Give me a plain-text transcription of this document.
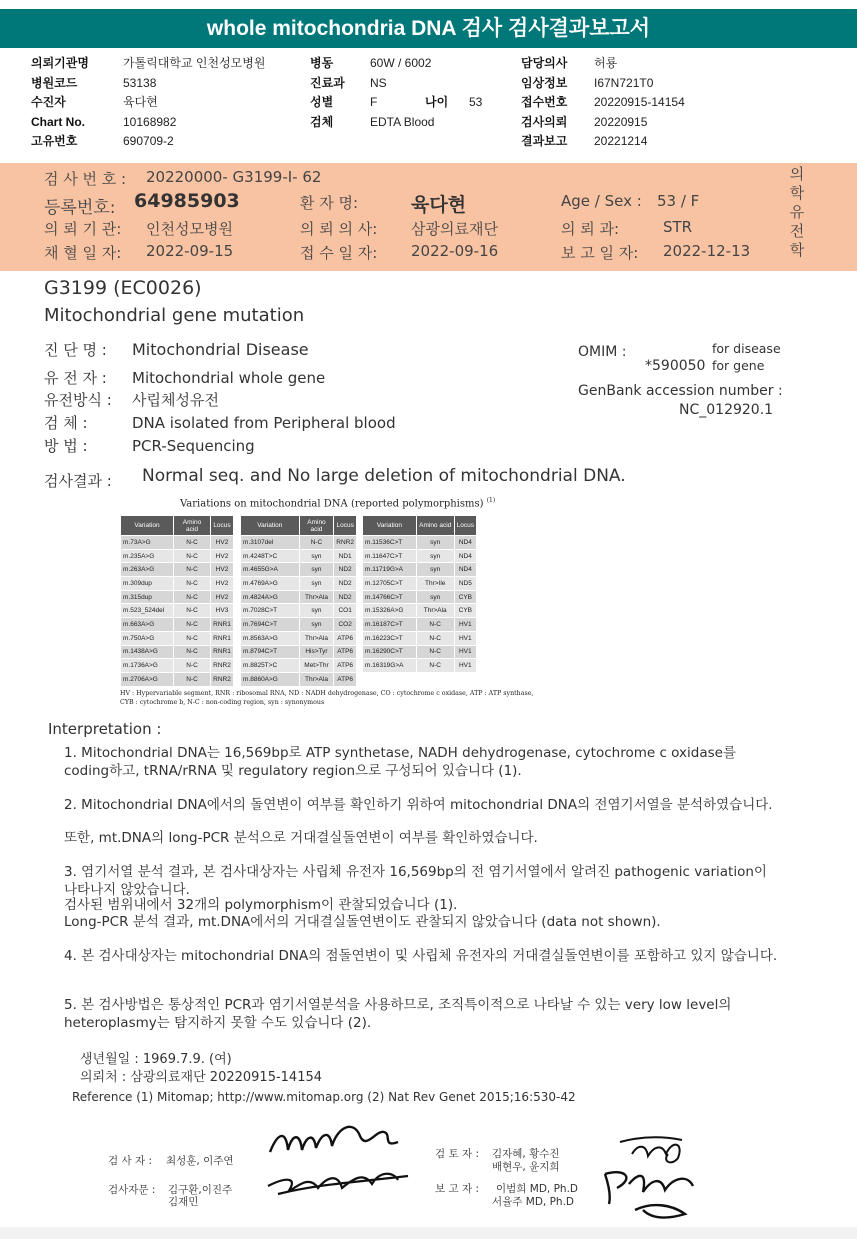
whole mitochondria DNA 검사 검사결과보고서
의뢰기관명	가톨릭대학교 인천성모병원
병원코드	53138
수진자	육다현
Chart No.	10168982
고유번호	690709-2
병동	60W / 6002
진료과	NS
성별	F	나이	53
검체	EDTA Blood
담당의사	허룡
임상정보	I67N721T0
접수번호	20220915-14154
검사의뢰	20220915
결과보고	20221214
검 사 번 호 : 20220000- G3199-I- 62
등록번호: 64985903	환 자 명:	육다현	Age / Sex : 53 / F
의 뢰 기 관: 인천성모병원	의 뢰 의 사: 삼광의료재단	의 뢰 과:	STR
채 혈 일 자: 2022-09-15	접 수 일 자: 2022-09-16	보 고 일 자: 2022-12-13
의학유전학
G3199 (EC0026)
Mitochondrial gene mutation
진 단 명 : Mitochondrial Disease
유 전 자 : Mitochondrial whole gene
유전방식 : 사립체성유전
검 체 :	DNA isolated from Peripheral blood
방 법 :	PCR-Sequencing
OMIM :
*590050
for disease
for gene
GenBank accession number :
NC_012920.1
검사결과 : Normal seq. and No large deletion of mitochondrial DNA.
Variations on mitochondrial DNA (reported polymorphisms) $^{(1)}$
Variation	Amino acid	Locus
m.73A>G	N-C	HV2
m.235A>G	N-C	HV2
m.263A>G	N-C	HV2
m.309dup	N-C	HV2
m.315dup	N-C	HV2
m.523_524del	N-C	HV3
m.663A>G	N-C	RNR1
m.750A>G	N-C	RNR1
m.1438A>G	N-C	RNR1
m.1736A>G	N-C	RNR2
m.2706A>G	N-C	RNR2
Variation	Amino acid	Locus
m.3107del	N-C	RNR2
m.4248T>C	syn	ND1
m.4655G>A	syn	ND2
m.4769A>G	syn	ND2
m.4824A>G	Thr>Ala	ND2
m.7028C>T	syn	CO1
m.7694C>T	syn	CO2
m.8563A>G	Thr>Ala	ATP6
m.8794C>T	His>Tyr	ATP6
m.8825T>C	Met>Thr	ATP6
m.8860A>G	Thr>Ala	ATP6
Variation	Amino acid	Locus
m.11536C>T	syn	ND4
m.11647C>T	syn	ND4
m.11719G>A	syn	ND4
m.12705C>T	Thr>Ile	ND5
m.14766C>T	syn	CYB
m.15326A>G	Thr>Ala	CYB
m.16187C>T	N-C	HV1
m.16223C>T	N-C	HV1
m.16290C>T	N-C	HV1
m.16319G>A	N-C	HV1
HV : Hypervariable segment, RNR : ribosomal RNA, ND : NADH dehydrogenase, CO : cytochrome c oxidase, ATP : ATP synthase,
CYB : cytochrome b, N-C : non-coding region, syn : synonymous
Interpretation :
1. Mitochondrial DNA는 16,569bp로 ATP synthetase, NADH dehydrogenase, cytochrome c oxidase를 coding하고, tRNA/rRNA 및 regulatory region으로 구성되어 있습니다 (1).
2. Mitochondrial DNA에서의 돌연변이 여부를 확인하기 위하여 mitochondrial DNA의 전염기서열을 분석하였습니다.
또한, mt.DNA의 long-PCR 분석으로 거대결실돌연변이 여부를 확인하였습니다.
3. 염기서열 분석 결과, 본 검사대상자는 사립체 유전자 16,569bp의 전 염기서열에서 알려진 pathogenic variation이 나타나지 않았습니다.
검사된 범위내에서 32개의 polymorphism이 관찰되었습니다 (1).
Long-PCR 분석 결과, mt.DNA에서의 거대결실돌연변이도 관찰되지 않았습니다 (data not shown).
4. 본 검사대상자는 mitochondrial DNA의 점돌연변이 및 사립체 유전자의 거대결실돌연변이를 포함하고 있지 않습니다.
5. 본 검사방법은 통상적인 PCR과 염기서열분석을 사용하므로, 조직특이적으로 나타날 수 있는 very low level의 heteroplasmy는 탐지하지 못할 수도 있습니다 (2).
생년월일 : 1969.7.9. (여)
의뢰처 : 삼광의료재단 20220915-14154
Reference (1) Mitomap; http://www.mitomap.org (2) Nat Rev Genet 2015;16:530-42
검 사 자 : 최성훈, 이주연
검사자문 : 김구환,이진주
김재민
검 토 자 : 김자혜, 황수진
배현우, 윤지희
보 고 자 : 이범희 MD, Ph.D
서율주 MD, Ph.D
